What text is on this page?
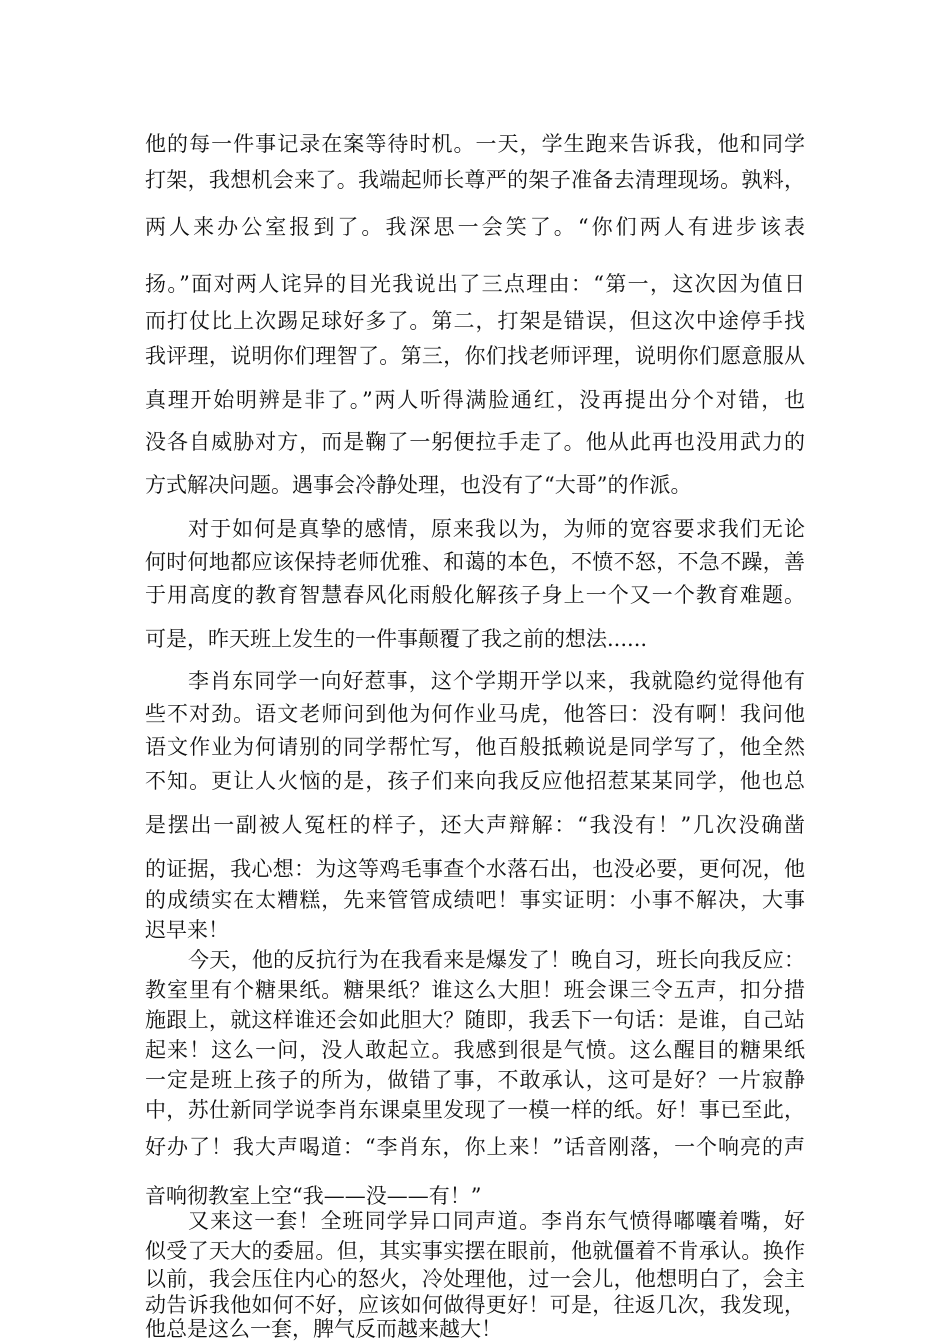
他的每一件事记录在案等待时机。一天，学生跑来告诉我，他和同学
打架，我想机会来了。我端起师长尊严的架子准备去清理现场。孰料，
两人来办公室报到了。我深思一会笑了。“你们两人有进步该表
扬。”面对两人诧异的目光我说出了三点理由：“第一，这次因为值日
而打仗比上次踢足球好多了。第二，打架是错误，但这次中途停手找
我评理，说明你们理智了。第三，你们找老师评理，说明你们愿意服从
真理开始明辨是非了。”两人听得满脸通红，没再提出分个对错，也
没各自威胁对方，而是鞠了一躬便拉手走了。他从此再也没用武力的
方式解决问题。遇事会冷静处理，也没有了“大哥”的作派。
对于如何是真挚的感情，原来我以为，为师的宽容要求我们无论
何时何地都应该保持老师优雅、和蔼的本色，不愤不怒，不急不躁，善
于用高度的教育智慧春风化雨般化解孩子身上一个又一个教育难题。
可是，昨天班上发生的一件事颠覆了我之前的想法......
李肖东同学一向好惹事，这个学期开学以来，我就隐约觉得他有
些不对劲。语文老师问到他为何作业马虎，他答曰：没有啊！我问他
语文作业为何请别的同学帮忙写，他百般抵赖说是同学写了，他全然
不知。更让人火恼的是，孩子们来向我反应他招惹某某同学，他也总
是摆出一副被人冤枉的样子，还大声辩解：“我没有！”几次没确凿
的证据，我心想：为这等鸡毛事查个水落石出，也没必要，更何况，他
的成绩实在太糟糕，先来管管成绩吧！事实证明：小事不解决，大事
迟早来！
今天，他的反抗行为在我看来是爆发了！晚自习，班长向我反应：
教室里有个糖果纸。糖果纸？谁这么大胆！班会课三令五声，扣分措
施跟上，就这样谁还会如此胆大？随即，我丢下一句话：是谁，自己站
起来！这么一问，没人敢起立。我感到很是气愤。这么醒目的糖果纸
一定是班上孩子的所为，做错了事，不敢承认，这可是好？一片寂静
中，苏仕新同学说李肖东课桌里发现了一模一样的纸。好！事已至此，
好办了！我大声喝道：“李肖东，你上来！”话音刚落，一个响亮的声
音响彻教室上空“我——没——有！”
又来这一套！全班同学异口同声道。李肖东气愤得嘟囔着嘴，好
似受了天大的委屈。但，其实事实摆在眼前，他就僵着不肯承认。换作
以前，我会压住内心的怒火，冷处理他，过一会儿，他想明白了，会主
动告诉我他如何不好，应该如何做得更好！可是，往返几次，我发现，
他总是这么一套，脾气反而越来越大！
